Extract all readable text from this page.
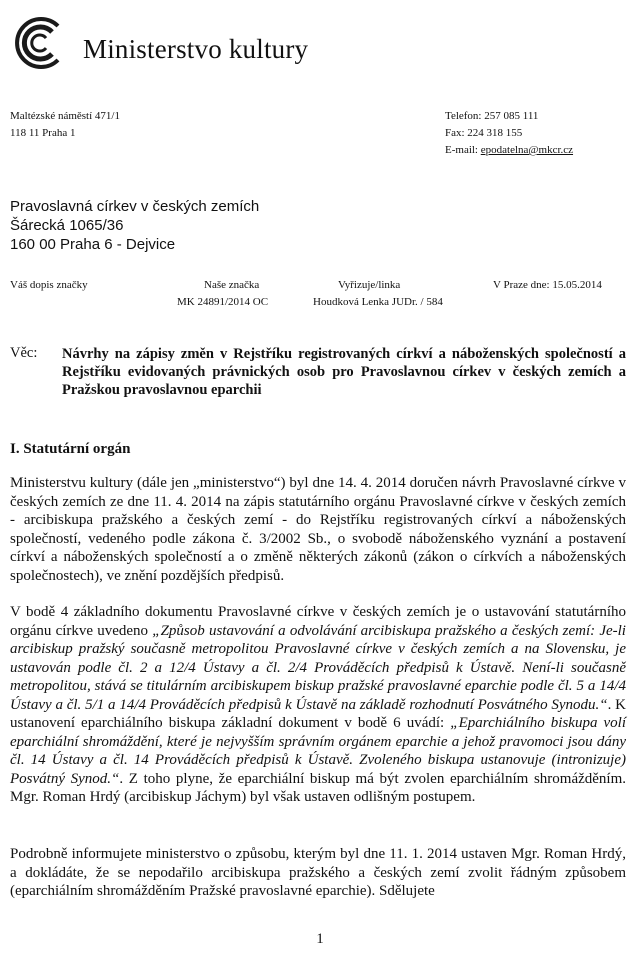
Ministerstvo kultury
Maltézské náměstí 471/1
118 11 Praha 1
Telefon: 257 085 111
Fax: 224 318 155
E-mail: epodatelna@mkcr.cz
Pravoslavná církev v českých zemích
Šárecká 1065/36
160 00 Praha 6 - Dejvice
Váš dopis značky	Naše značka
MK 24891/2014 OC
Vyřizuje/linka
Houdková Lenka JUDr. / 584
V Praze dne: 15.05.2014
Věc: Návrhy na zápisy změn v Rejstříku registrovaných církví a náboženských společností a Rejstříku evidovaných právnických osob pro Pravoslavnou církev v českých zemích a Pražskou pravoslavnou eparchii
I. Statutární orgán
Ministerstvu kultury (dále jen „ministerstvo“) byl dne 14. 4. 2014 doručen návrh Pravoslavné církve v českých zemích ze dne 11. 4. 2014 na zápis statutárního orgánu Pravoslavné církve v českých zemích - arcibiskupa pražského a českých zemí - do Rejstříku registrovaných církví a náboženských společností, vedeného podle zákona č. 3/2002 Sb., o svobodě náboženského vyznání a postavení církví a náboženských společností a o změně některých zákonů (zákon o církvích a náboženských společnostech), ve znění pozdějších předpisů.
V bodě 4 základního dokumentu Pravoslavné církve v českých zemích je o ustavování statutárního orgánu církve uvedeno „Způsob ustavování a odvolávání arcibiskupa pražského a českých zemí: Je-li arcibiskup pražský současně metropolitou Pravoslavné církve v českých zemích a na Slovensku, je ustavován podle čl. 2 a 12/4 Ústavy a čl. 2/4 Prováděcích předpisů k Ústavě. Není-li současně metropolitou, stává se titulárním arcibiskupem biskup pražské pravoslavné eparchie podle čl. 5 a 14/4 Ústavy a čl. 5/1 a 14/4 Prováděcích předpisů k Ústavě na základě rozhodnutí Posvátného Synodu.“. K ustanovení eparchiálního biskupa základní dokument v bodě 6 uvádí: „Eparchiálního biskupa volí eparchiální shromáždění, které je nejvyšším správním orgánem eparchie a jehož pravomoci jsou dány čl. 14 Ústavy a čl. 14 Prováděcích předpisů k Ústavě. Zvoleného biskupa ustanovuje (intronizuje) Posvátný Synod.“. Z toho plyne, že eparchiální biskup má být zvolen eparchiálním shromážděním. Mgr. Roman Hrdý (arcibiskup Jáchym) byl však ustaven odlišným postupem.
Podrobně informujete ministerstvo o způsobu, kterým byl dne 11. 1. 2014 ustaven Mgr. Roman Hrdý, a dokládáte, že se nepodařilo arcibiskupa pražského a českých zemí zvolit řádným způsobem (eparchiálním shromážděním Pražské pravoslavné eparchie). Sdělujete
1
